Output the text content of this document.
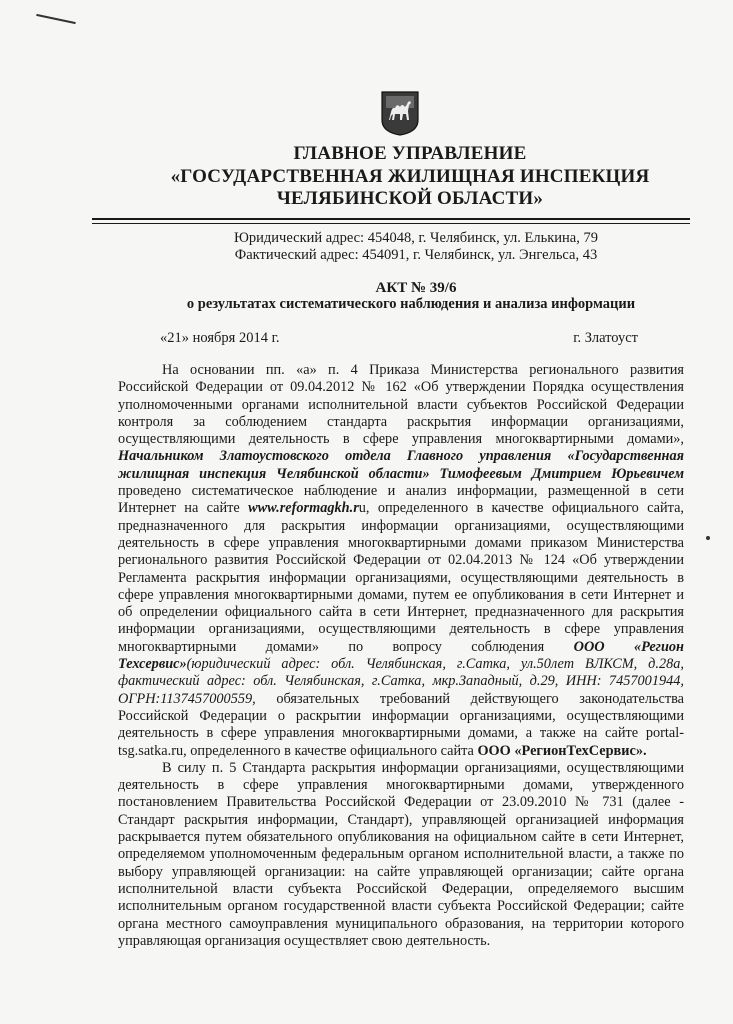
ГЛАВНОЕ УПРАВЛЕНИЕ
«ГОСУДАРСТВЕННАЯ ЖИЛИЩНАЯ ИНСПЕКЦИЯ
ЧЕЛЯБИНСКОЙ ОБЛАСТИ»
Юридический адрес: 454048, г. Челябинск, ул. Елькина, 79
Фактический адрес: 454091, г. Челябинск, ул. Энгельса, 43
АКТ № 39/6
о результатах систематического наблюдения и анализа информации
«21» ноября 2014 г.	г. Златоуст

На основании пп. «а» п. 4 Приказа Министерства регионального развития Российской Федерации от 09.04.2012 № 162 «Об утверждении Порядка осуществления уполномоченными органами исполнительной власти субъектов Российской Федерации контроля за соблюдением стандарта раскрытия информации организациями, осуществляющими деятельность в сфере управления многоквартирными домами», Начальником Златоустовского отдела Главного управления «Государственная жилищная инспекция Челябинской области» Тимофеевым Дмитрием Юрьевичем проведено систематическое наблюдение и анализ информации, размещенной в сети Интернет на сайте www.reformagkh.ru, определенного в качестве официального сайта, предназначенного для раскрытия информации организациями, осуществляющими деятельность в сфере управления многоквартирными домами приказом Министерства регионального развития Российской Федерации от 02.04.2013 № 124 «Об утверждении Регламента раскрытия информации организациями, осуществляющими деятельность в сфере управления многоквартирными домами, путем ее опубликования в сети Интернет и об определении официального сайта в сети Интернет, предназначенного для раскрытия информации организациями, осуществляющими деятельность в сфере управления многоквартирными домами» по вопросу соблюдения ООО «Регион Техсервис»(юридический адрес: обл. Челябинская, г.Сатка, ул.50лет ВЛКСМ, д.28а, фактический адрес: обл. Челябинская, г.Сатка, мкр.Западный, д.29, ИНН: 7457001944, ОГРН:1137457000559, обязательных требований действующего законодательства Российской Федерации о раскрытии информации организациями, осуществляющими деятельность в сфере управления многоквартирными домами, а также на сайте portal-tsg.satka.ru, определенного в качестве официального сайта ООО «РегионТехСервис».

В силу п. 5 Стандарта раскрытия информации организациями, осуществляющими деятельность в сфере управления многоквартирными домами, утвержденного постановлением Правительства Российской Федерации от 23.09.2010 № 731 (далее - Стандарт раскрытия информации, Стандарт), управляющей организацией информация раскрывается путем обязательного опубликования на официальном сайте в сети Интернет, определяемом уполномоченным федеральным органом исполнительной власти, а также по выбору управляющей организации: на сайте управляющей организации; сайте органа исполнительной власти субъекта Российской Федерации, определяемого высшим исполнительным органом государственной власти субъекта Российской Федерации; сайте органа местного самоуправления муниципального образования, на территории которого управляющая организация осуществляет свою деятельность.
